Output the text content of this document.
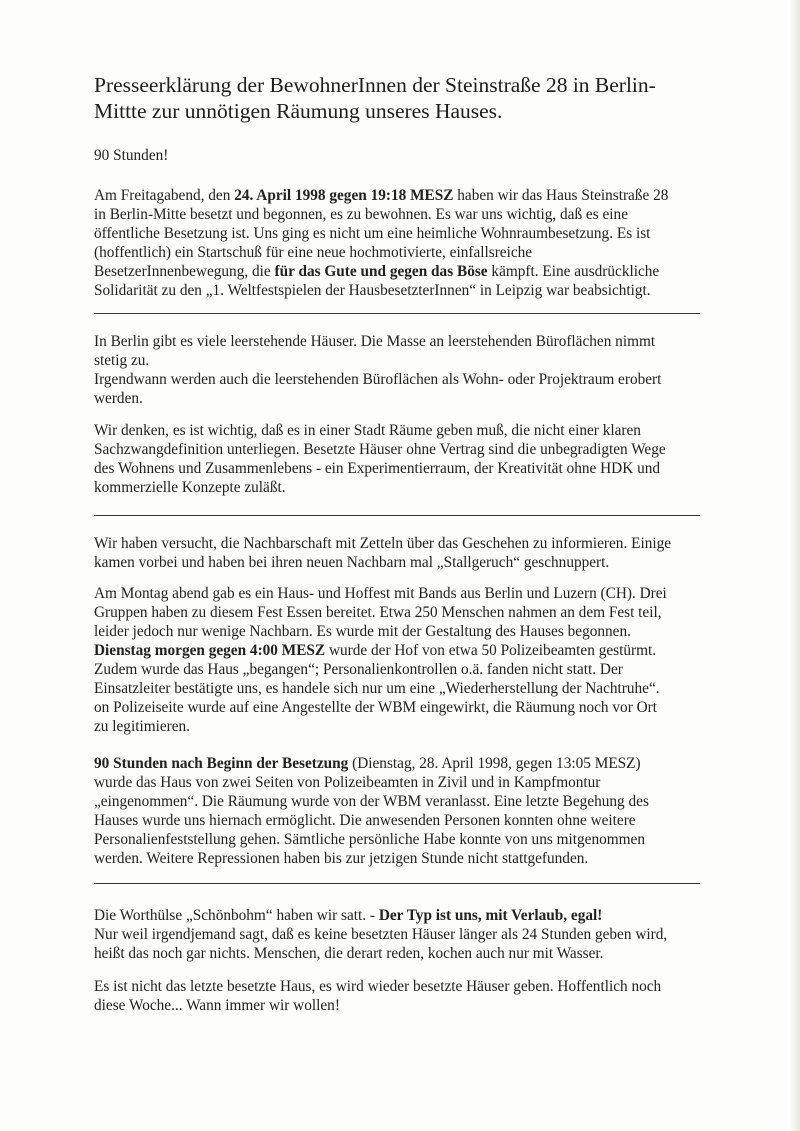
Presseerklärung der BewohnerInnen der Steinstraße 28 in Berlin-
Mittte zur unnötigen Räumung unseres Hauses.
90 Stunden!
Am Freitagabend, den 24. April 1998 gegen 19:18 MESZ haben wir das Haus Steinstraße 28
in Berlin-Mitte besetzt und begonnen, es zu bewohnen. Es war uns wichtig, daß es eine
öffentliche Besetzung ist. Uns ging es nicht um eine heimliche Wohnraumbesetzung. Es ist
(hoffentlich) ein Startschuß für eine neue hochmotivierte, einfallsreiche
BesetzerInnenbewegung, die für das Gute und gegen das Böse kämpft. Eine ausdrückliche
Solidarität zu den „1. Weltfestspielen der HausbesetzterInnen“ in Leipzig war beabsichtigt.
In Berlin gibt es viele leerstehende Häuser. Die Masse an leerstehenden Büroflächen nimmt
stetig zu.
Irgendwann werden auch die leerstehenden Büroflächen als Wohn- oder Projektraum erobert
werden.
Wir denken, es ist wichtig, daß es in einer Stadt Räume geben muß, die nicht einer klaren
Sachzwangdefinition unterliegen. Besetzte Häuser ohne Vertrag sind die unbegradigten Wege
des Wohnens und Zusammenlebens - ein Experimentierraum, der Kreativität ohne HDK und
kommerzielle Konzepte zuläßt.
Wir haben versucht, die Nachbarschaft mit Zetteln über das Geschehen zu informieren. Einige
kamen vorbei und haben bei ihren neuen Nachbarn mal „Stallgeruch“ geschnuppert.
Am Montag abend gab es ein Haus- und Hoffest mit Bands aus Berlin und Luzern (CH). Drei
Gruppen haben zu diesem Fest Essen bereitet. Etwa 250 Menschen nahmen an dem Fest teil,
leider jedoch nur wenige Nachbarn. Es wurde mit der Gestaltung des Hauses begonnen.
Dienstag morgen gegen 4:00 MESZ wurde der Hof von etwa 50 Polizeibeamten gestürmt.
Zudem wurde das Haus „begangen“; Personalienkontrollen o.ä. fanden nicht statt. Der
Einsatzleiter bestätigte uns, es handele sich nur um eine „Wiederherstellung der Nachtruhe“.
on Polizeiseite wurde auf eine Angestellte der WBM eingewirkt, die Räumung noch vor Ort
zu legitimieren.
90 Stunden nach Beginn der Besetzung (Dienstag, 28. April 1998, gegen 13:05 MESZ)
wurde das Haus von zwei Seiten von Polizeibeamten in Zivil und in Kampfmontur
„eingenommen“. Die Räumung wurde von der WBM veranlasst. Eine letzte Begehung des
Hauses wurde uns hiernach ermöglicht. Die anwesenden Personen konnten ohne weitere
Personalienfeststellung gehen. Sämtliche persönliche Habe konnte von uns mitgenommen
werden. Weitere Repressionen haben bis zur jetzigen Stunde nicht stattgefunden.
Die Worthülse „Schönbohm“ haben wir satt. - Der Typ ist uns, mit Verlaub, egal!
Nur weil irgendjemand sagt, daß es keine besetzten Häuser länger als 24 Stunden geben wird,
heißt das noch gar nichts. Menschen, die derart reden, kochen auch nur mit Wasser.
Es ist nicht das letzte besetzte Haus, es wird wieder besetzte Häuser geben. Hoffentlich noch
diese Woche... Wann immer wir wollen!
